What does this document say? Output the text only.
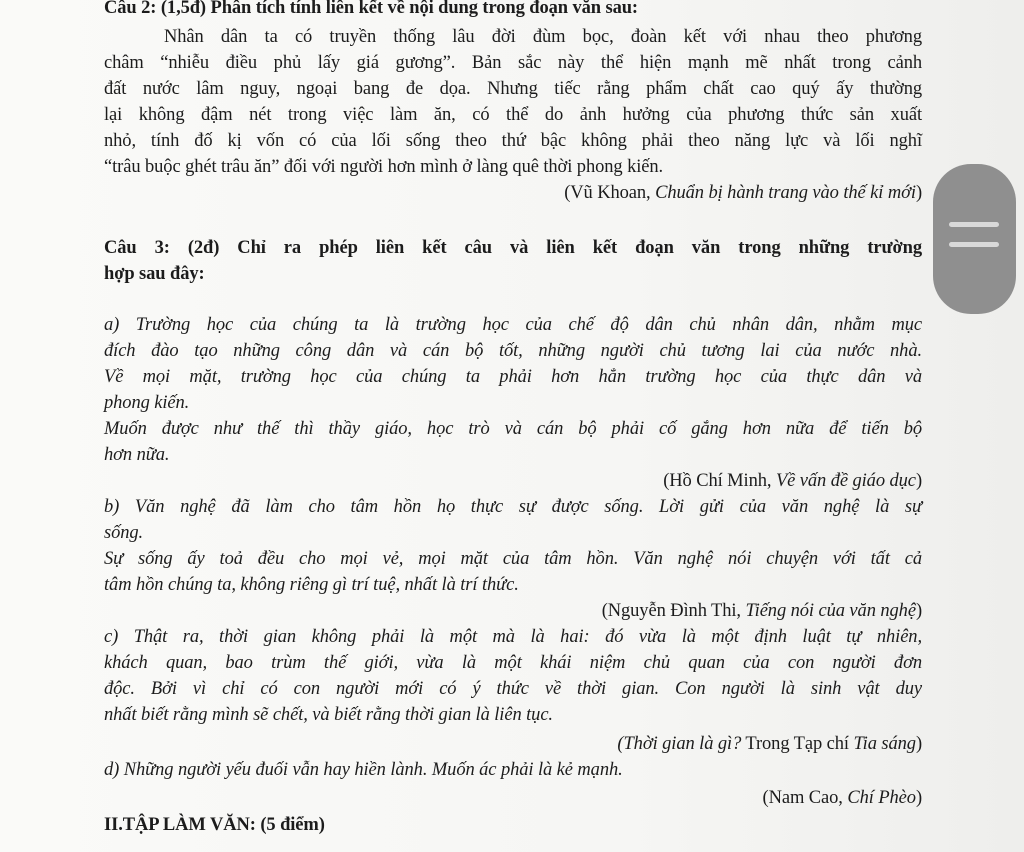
Câu 2: (1,5đ) Phân tích tính liên kết về nội dung trong đoạn văn sau:
Nhân dân ta có truyền thống lâu đời đùm bọc, đoàn kết với nhau theo phương
châm “nhiễu điều phủ lấy giá gương”. Bản sắc này thể hiện mạnh mẽ nhất trong cảnh
đất nước lâm nguy, ngoại bang đe dọa. Nhưng tiếc rằng phẩm chất cao quý ấy thường
lại không đậm nét trong việc làm ăn, có thể do ảnh hưởng của phương thức sản xuất
nhỏ, tính đố kị vốn có của lối sống theo thứ bậc không phải theo năng lực và lối nghĩ
“trâu buộc ghét trâu ăn” đối với người hơn mình ở làng quê thời phong kiến.
(Vũ Khoan, Chuẩn bị hành trang vào thế kỉ mới)
Câu 3: (2đ) Chỉ ra phép liên kết câu và liên kết đoạn văn trong những trường
hợp sau đây:
a) Trường học của chúng ta là trường học của chế độ dân chủ nhân dân, nhằm mục
đích đào tạo những công dân và cán bộ tốt, những người chủ tương lai của nước nhà.
Về mọi mặt, trường học của chúng ta phải hơn hẳn trường học của thực dân và
phong kiến.
Muốn được như thế thì thầy giáo, học trò và cán bộ phải cố gắng hơn nữa để tiến bộ
hơn nữa.
(Hồ Chí Minh, Về vấn đề giáo dục)
b) Văn nghệ đã làm cho tâm hồn họ thực sự được sống. Lời gửi của văn nghệ là sự
sống.
Sự sống ấy toả đều cho mọi vẻ, mọi mặt của tâm hồn. Văn nghệ nói chuyện với tất cả
tâm hồn chúng ta, không riêng gì trí tuệ, nhất là trí thức.
(Nguyễn Đình Thi, Tiếng nói của văn nghệ)
c) Thật ra, thời gian không phải là một mà là hai: đó vừa là một định luật tự nhiên,
khách quan, bao trùm thế giới, vừa là một khái niệm chủ quan của con người đơn
độc. Bởi vì chỉ có con người mới có ý thức về thời gian. Con người là sinh vật duy
nhất biết rằng mình sẽ chết, và biết rằng thời gian là liên tục.
(Thời gian là gì? Trong Tạp chí Tia sáng)
d) Những người yếu đuối vẫn hay hiền lành. Muốn ác phải là kẻ mạnh.
(Nam Cao, Chí Phèo)
II.TẬP LÀM VĂN: (5 điểm)
